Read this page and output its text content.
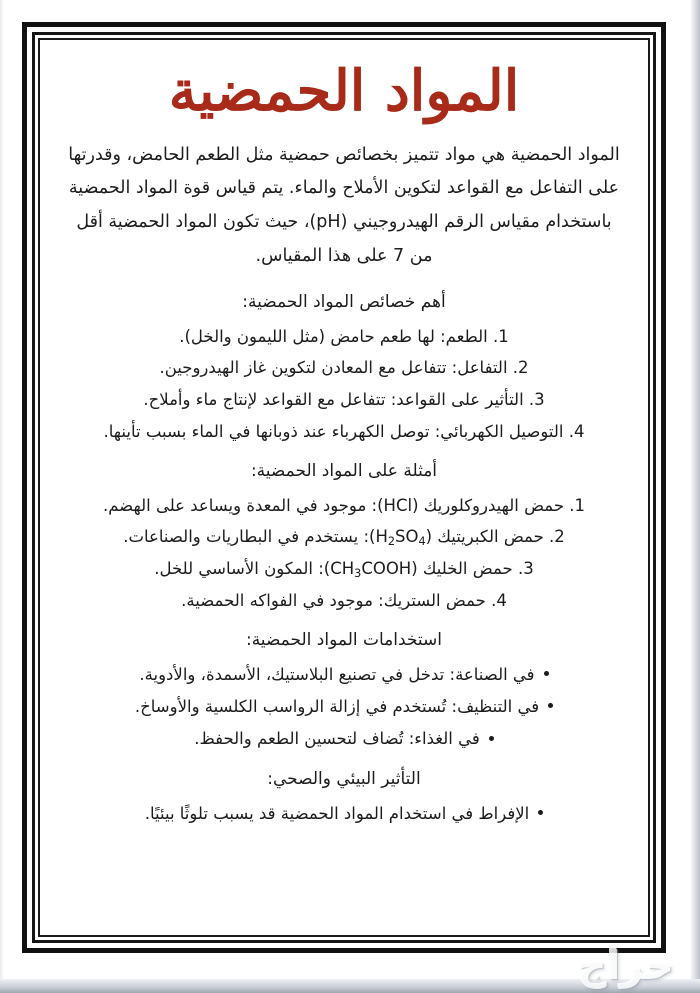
المواد الحمضية

المواد الحمضية هي مواد تتميز بخصائص حمضية مثل الطعم الحامض، وقدرتها على التفاعل مع القواعد لتكوين الأملاح والماء. يتم قياس قوة المواد الحمضية باستخدام مقياس الرقم الهيدروجيني (pH)، حيث تكون المواد الحمضية أقل من 7 على هذا المقياس.

أهم خصائص المواد الحمضية:
1. الطعم: لها طعم حامض (مثل الليمون والخل).
2. التفاعل: تتفاعل مع المعادن لتكوين غاز الهيدروجين.
3. التأثير على القواعد: تتفاعل مع القواعد لإنتاج ماء وأملاح.
4. التوصيل الكهربائي: توصل الكهرباء عند ذوبانها في الماء بسبب تأينها.
أمثلة على المواد الحمضية:
1. حمض الهيدروكلوريك (HCl): موجود في المعدة ويساعد على الهضم.
2. حمض الكبريتيك $(H_2SO_4)$: يستخدم في البطاريات والصناعات.
3. حمض الخليك $(CH_3COOH)$: المكون الأساسي للخل.
4. حمض الستريك: موجود في الفواكه الحمضية.
استخدامات المواد الحمضية:
في الصناعة: تدخل في تصنيع البلاستيك، الأسمدة، والأدوية.
في التنظيف: تُستخدم في إزالة الرواسب الكلسية والأوساخ.
في الغذاء: تُضاف لتحسين الطعم والحفظ.
التأثير البيئي والصحي:
الإفراط في استخدام المواد الحمضية قد يسبب تلوثًا بيئيًا.
حراج
